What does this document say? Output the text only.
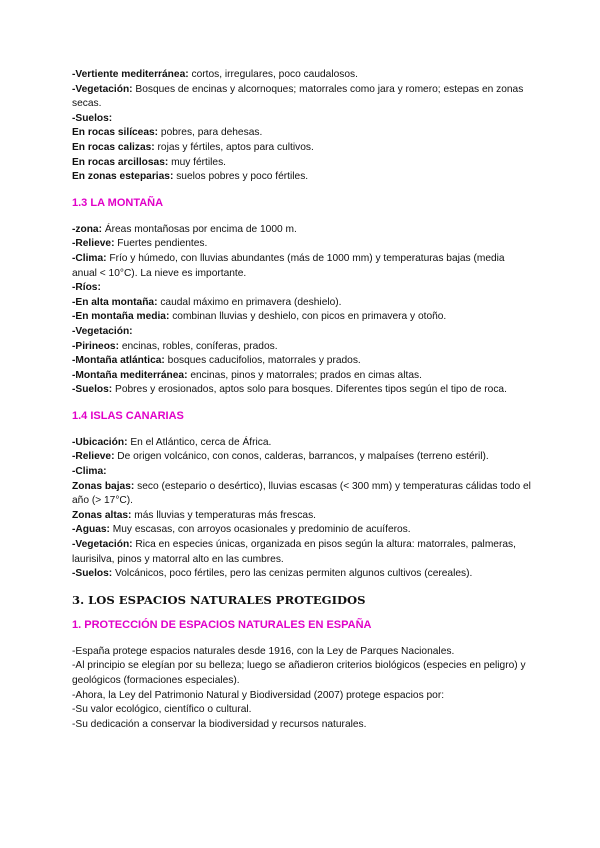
-Vertiente mediterránea: cortos, irregulares, poco caudalosos.
-Vegetación: Bosques de encinas y alcornoques; matorrales como jara y romero; estepas en zonas secas.
-Suelos:
En rocas silíceas: pobres, para dehesas.
En rocas calizas: rojas y fértiles, aptos para cultivos.
En rocas arcillosas: muy fértiles.
En zonas esteparias: suelos pobres y poco fértiles.
1.3 LA MONTAÑA
-zona: Áreas montañosas por encima de 1000 m.
-Relieve: Fuertes pendientes.
-Clima: Frío y húmedo, con lluvias abundantes (más de 1000 mm) y temperaturas bajas (media anual < 10°C). La nieve es importante.
-Ríos:
-En alta montaña: caudal máximo en primavera (deshielo).
-En montaña media: combinan lluvias y deshielo, con picos en primavera y otoño.
-Vegetación:
-Pirineos: encinas, robles, coníferas, prados.
-Montaña atlántica: bosques caducifolios, matorrales y prados.
-Montaña mediterránea: encinas, pinos y matorrales; prados en cimas altas.
-Suelos: Pobres y erosionados, aptos solo para bosques. Diferentes tipos según el tipo de roca.
1.4 ISLAS CANARIAS
-Ubicación: En el Atlántico, cerca de África.
-Relieve: De origen volcánico, con conos, calderas, barrancos, y malpaíses (terreno estéril).
-Clima:
Zonas bajas: seco (estepario o desértico), lluvias escasas (< 300 mm) y temperaturas cálidas todo el año (> 17°C).
Zonas altas: más lluvias y temperaturas más frescas.
-Aguas: Muy escasas, con arroyos ocasionales y predominio de acuíferos.
-Vegetación: Rica en especies únicas, organizada en pisos según la altura: matorrales, palmeras, laurisilva, pinos y matorral alto en las cumbres.
-Suelos: Volcánicos, poco fértiles, pero las cenizas permiten algunos cultivos (cereales).
3. LOS ESPACIOS NATURALES PROTEGIDOS
1. PROTECCIÓN DE ESPACIOS NATURALES EN ESPAÑA
-España protege espacios naturales desde 1916, con la Ley de Parques Nacionales.
-Al principio se elegían por su belleza; luego se añadieron criterios biológicos (especies en peligro) y geológicos (formaciones especiales).
-Ahora, la Ley del Patrimonio Natural y Biodiversidad (2007) protege espacios por:
-Su valor ecológico, científico o cultural.
-Su dedicación a conservar la biodiversidad y recursos naturales.
